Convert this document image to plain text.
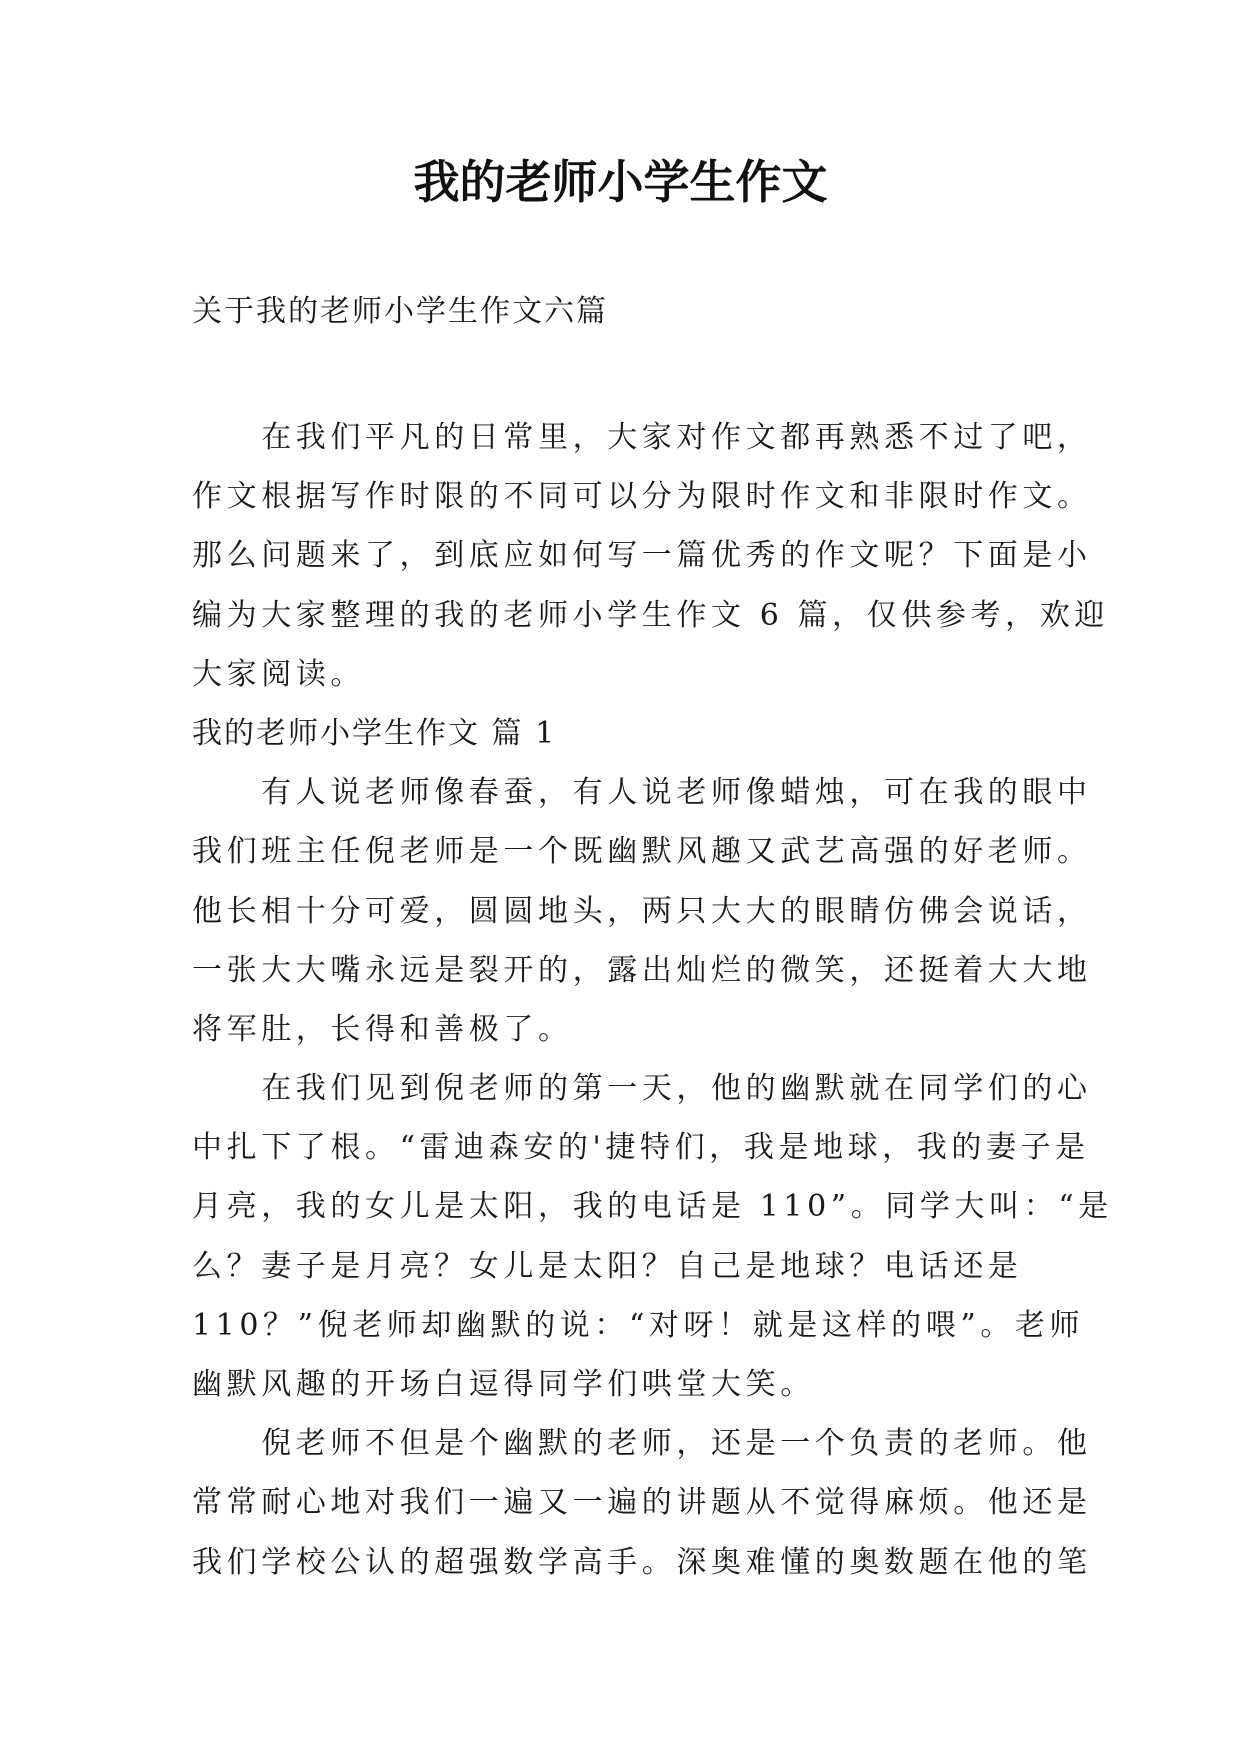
我的老师小学生作文
关于我的老师小学生作文六篇
　　在我们平凡的日常里，大家对作文都再熟悉不过了吧，
作文根据写作时限的不同可以分为限时作文和非限时作文。
那么问题来了，到底应如何写一篇优秀的作文呢？下面是小
编为大家整理的我的老师小学生作文 6 篇，仅供参考，欢迎
大家阅读。
我的老师小学生作文 篇 1
　　有人说老师像春蚕，有人说老师像蜡烛，可在我的眼中
我们班主任倪老师是一个既幽默风趣又武艺高强的好老师。
他长相十分可爱，圆圆地头，两只大大的眼睛仿佛会说话，
一张大大嘴永远是裂开的，露出灿烂的微笑，还挺着大大地
将军肚，长得和善极了。
　　在我们见到倪老师的第一天，他的幽默就在同学们的心
中扎下了根。“雷迪森安的'捷特们，我是地球，我的妻子是
月亮，我的女儿是太阳，我的电话是 110”。同学大叫：“是
么？妻子是月亮？女儿是太阳？自己是地球？电话还是
110？”倪老师却幽默的说：“对呀！就是这样的喂”。老师
幽默风趣的开场白逗得同学们哄堂大笑。
　　倪老师不但是个幽默的老师，还是一个负责的老师。他
常常耐心地对我们一遍又一遍的讲题从不觉得麻烦。他还是
我们学校公认的超强数学高手。深奥难懂的奥数题在他的笔
